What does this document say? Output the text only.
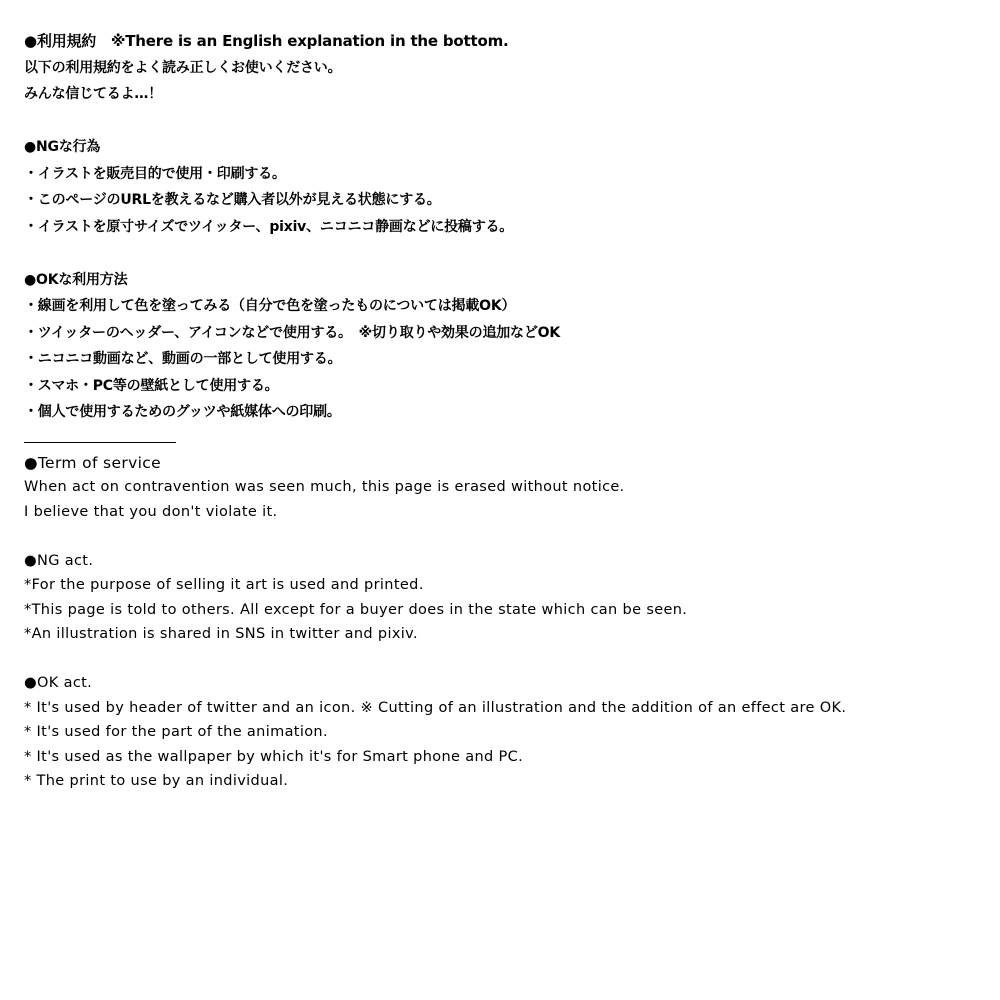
●利用規約　※There is an English explanation in the bottom.
以下の利用規約をよく読み正しくお使いください。
みんな信じてるよ…！
●NGな行為
・イラストを販売目的で使用・印刷する。
・このページのURLを教えるなど購入者以外が見える状態にする。
・イラストを原寸サイズでツイッター、pixiv、ニコニコ静画などに投稿する。
●OKな利用方法
・線画を利用して色を塗ってみる（自分で色を塗ったものについては掲載OK）
・ツイッターのヘッダー、アイコンなどで使用する。　※切り取りや効果の追加などOK
・ニコニコ動画など、動画の一部として使用する。
・スマホ・PC等の壁紙として使用する。
・個人で使用するためのグッツや紙媒体への印刷。
●Term of service
When act on contravention was seen much, this page is erased without notice.
I believe that you don't violate it.
●NG act.
*For the purpose of selling it art is used and printed.
*This page is told to others. All except for a buyer does in the state which can be seen.
*An illustration is shared in SNS in twitter and pixiv.
●OK act.
* It's used by header of twitter and an icon. ※ Cutting of an illustration and the addition of an effect are OK.
* It's used for the part of the animation.
* It's used as the wallpaper by which it's for Smart phone and PC.
* The print to use by an individual.
